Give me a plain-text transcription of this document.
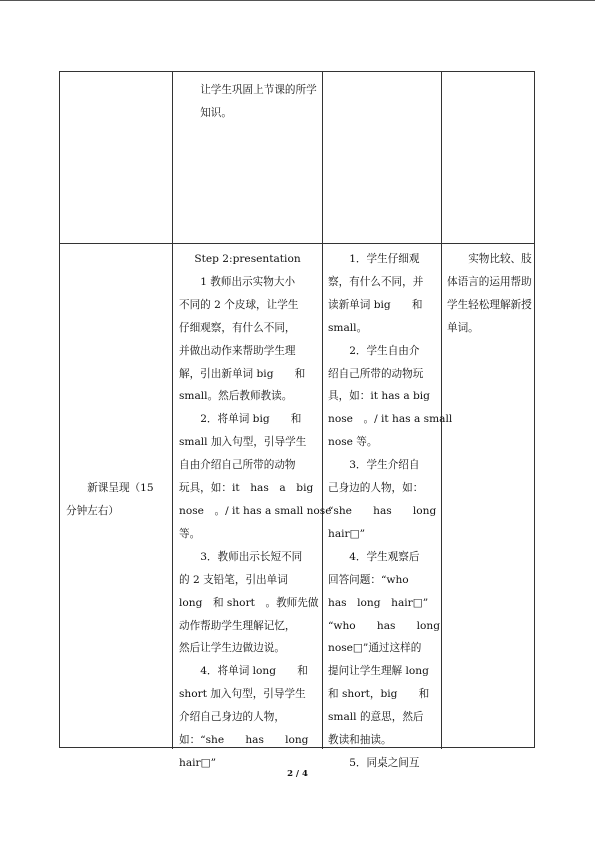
让学生巩固上节课的所学
知识。
新课呈现（15
分钟左右）
Step 2:presentation
1 教师出示实物大小
不同的 2 个皮球，让学生
仔细观察，有什么不同，
并做出动作来帮助学生理
解，引出新单词 big　　和
small。然后教师教读。
2．将单词 big　　和
small 加入句型，引导学生
自由介绍自己所带的动物
玩具，如：it　has　a　big
nose　。/ it has a small nose
等。
3．教师出示长短不同
的 2 支铅笔，引出单词
long　和 short　。教师先做
动作帮助学生理解记忆，
然后让学生边做边说。
4．将单词 long　　和
short 加入句型，引导学生
介绍自己身边的人物，
如：“she　　has　　long
hair□”
1．学生仔细观
察，有什么不同，并
读新单词 big　　和
small。
2．学生自由介
绍自己所带的动物玩
具，如：it has a big
nose　。/ it has a small
nose 等。
3．学生介绍自
己身边的人物，如：
“she　　has　　long
hair□”
4．学生观察后
回答问题：“who
has　long　hair□”
“who　　has　　long
nose□”通过这样的
提问让学生理解 long
和 short，big　　和
small 的意思，然后
教读和抽读。
5．同桌之间互
实物比较、肢
体语言的运用帮助
学生轻松理解新授
单词。
2 / 4
